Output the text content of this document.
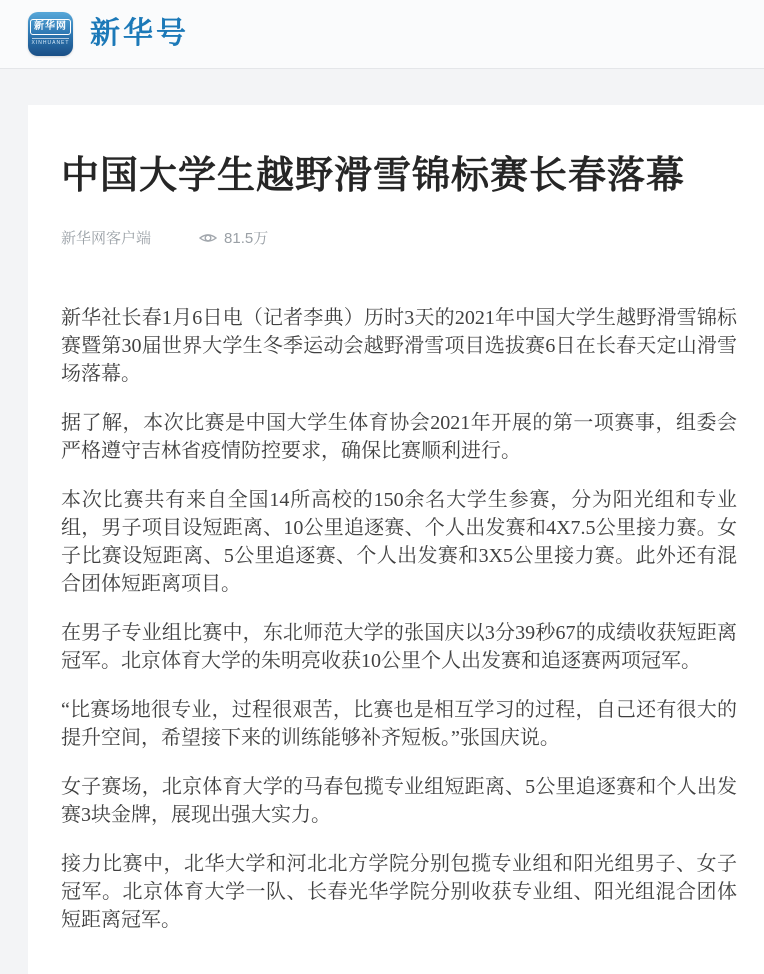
新华网
XINHUANET 新华号
中国大学生越野滑雪锦标赛长春落幕
新华网客户端	81.5万

新华社长春1月6日电（记者李典）历时3天的2021年中国大学生越野滑雪锦标赛暨第30届世界大学生冬季运动会越野滑雪项目选拔赛6日在长春天定山滑雪场落幕。

据了解，本次比赛是中国大学生体育协会2021年开展的第一项赛事，组委会严格遵守吉林省疫情防控要求，确保比赛顺利进行。

本次比赛共有来自全国14所高校的150余名大学生参赛，分为阳光组和专业组，男子项目设短距离、10公里追逐赛、个人出发赛和4X7.5公里接力赛。女子比赛设短距离、5公里追逐赛、个人出发赛和3X5公里接力赛。此外还有混合团体短距离项目。

在男子专业组比赛中，东北师范大学的张国庆以3分39秒67的成绩收获短距离冠军。北京体育大学的朱明亮收获10公里个人出发赛和追逐赛两项冠军。

“比赛场地很专业，过程很艰苦，比赛也是相互学习的过程，自己还有很大的提升空间，希望接下来的训练能够补齐短板。”张国庆说。

女子赛场，北京体育大学的马春包揽专业组短距离、5公里追逐赛和个人出发赛3块金牌，展现出强大实力。

接力比赛中，北华大学和河北北方学院分别包揽专业组和阳光组男子、女子冠军。北京体育大学一队、长春光华学院分别收获专业组、阳光组混合团体短距离冠军。
